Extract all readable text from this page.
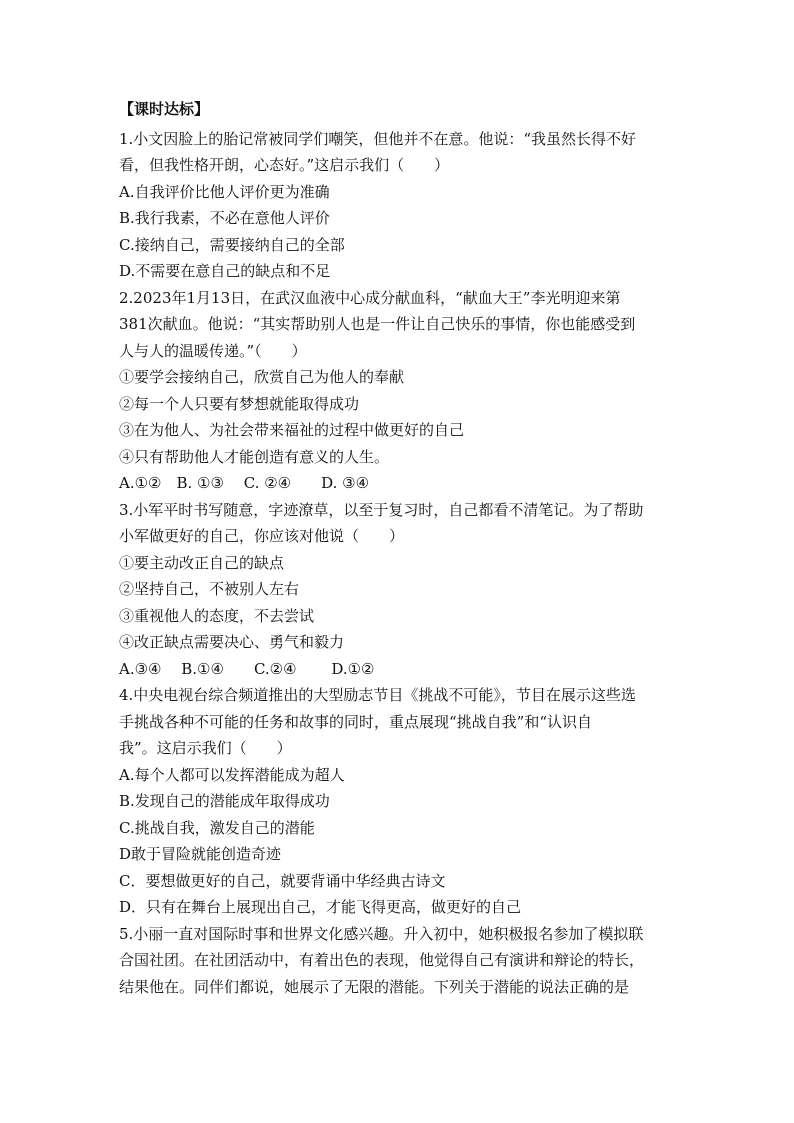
【课时达标】
1.小文因脸上的胎记常被同学们嘲笑，但他并不在意。他说：“我虽然长得不好
看，但我性格开朗，心态好。”这启示我们（　　）
A.自我评价比他人评价更为准确
B.我行我素，不必在意他人评价
C.接纳自己，需要接纳自己的全部
D.不需要在意自己的缺点和不足
2.2023年1月13日，在武汉血液中心成分献血科，“献血大王”李光明迎来第
381次献血。他说：“其实帮助别人也是一件让自己快乐的事情，你也能感受到
人与人的温暖传递。”（　　）
①要学会接纳自己，欣赏自己为他人的奉献
②每一个人只要有梦想就能取得成功
③在为他人、为社会带来福祉的过程中做更好的自己
④只有帮助他人才能创造有意义的人生。
A.①②　B. ①③　 C. ②④　　D. ③④
3.小军平时书写随意，字迹潦草，以至于复习时，自己都看不清笔记。为了帮助
小军做更好的自己，你应该对他说（　　）
①要主动改正自己的缺点
②坚持自己，不被别人左右
③重视他人的态度，不去尝试
④改正缺点需要决心、勇气和毅力
A.③④　 B.①④　　C.②④　　 D.①②
4.中央电视台综合频道推出的大型励志节目《挑战不可能》，节目在展示这些选
手挑战各种不可能的任务和故事的同时，重点展现“挑战自我”和“认识自
我”。这启示我们（　　）
A.每个人都可以发挥潜能成为超人
B.发现自己的潜能成年取得成功
C.挑战自我，激发自己的潜能
D敢于冒险就能创造奇迹
C．要想做更好的自己，就要背诵中华经典古诗文
D．只有在舞台上展现出自己，才能飞得更高，做更好的自己
5.小丽一直对国际时事和世界文化感兴趣。升入初中，她积极报名参加了模拟联
合国社团。在社团活动中，有着出色的表现，他觉得自己有演讲和辩论的特长，
结果他在。同伴们都说，她展示了无限的潜能。下列关于潜能的说法正确的是
